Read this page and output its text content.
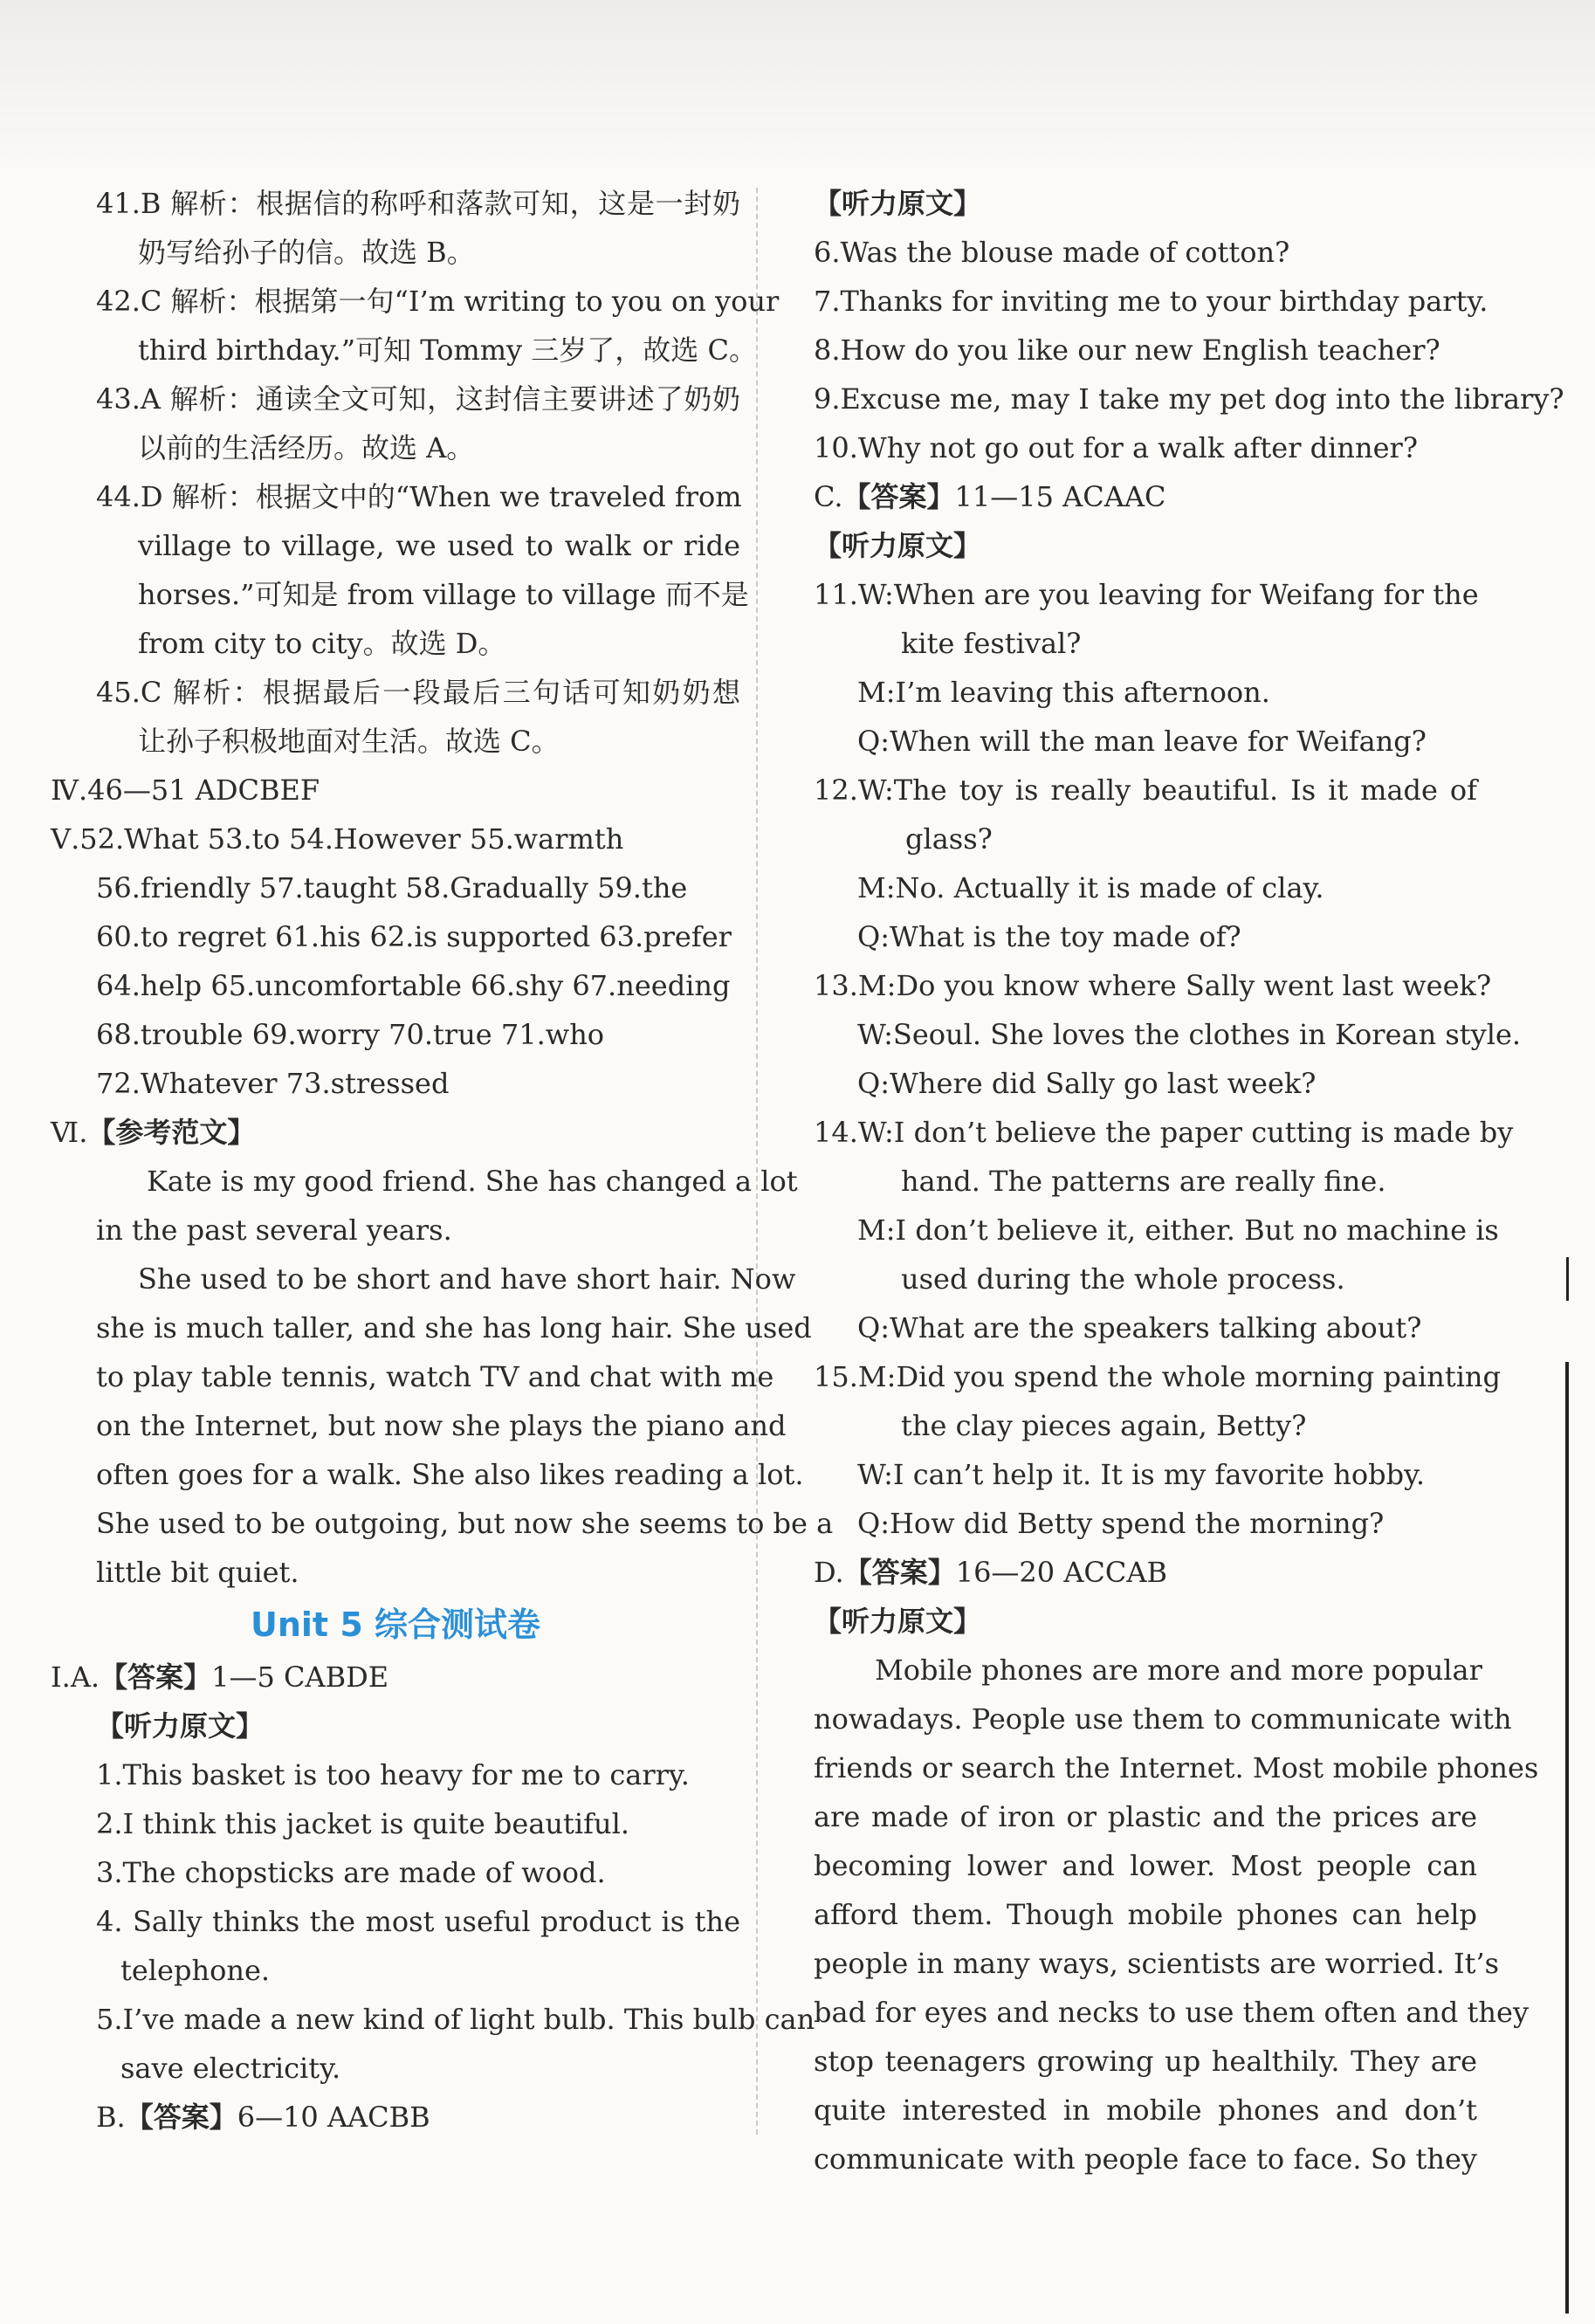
41.B 解析：根据信的称呼和落款可知，这是一封奶
奶写给孙子的信。故选 B。
42.C 解析：根据第一句“I’m writing to you on your
third birthday.”可知 Tommy 三岁了，故选 C。
43.A 解析：通读全文可知，这封信主要讲述了奶奶
以前的生活经历。故选 A。
44.D 解析：根据文中的“When we traveled from
village to village, we used to walk or ride
horses.”可知是 from village to village 而不是
from city to city。故选 D。
45.C 解析：根据最后一段最后三句话可知奶奶想
让孙子积极地面对生活。故选 C。
Ⅳ.46—51 ADCBEF
Ⅴ.52.What 53.to 54.However 55.warmth
56.friendly 57.taught 58.Gradually 59.the
60.to regret 61.his 62.is supported 63.prefer
64.help 65.uncomfortable 66.shy 67.needing
68.trouble 69.worry 70.true 71.who
72.Whatever 73.stressed
Ⅵ.【参考范文】
Kate is my good friend. She has changed a lot
in the past several years.
She used to be short and have short hair. Now
she is much taller, and she has long hair. She used
to play table tennis, watch TV and chat with me
on the Internet, but now she plays the piano and
often goes for a walk. She also likes reading a lot.
She used to be outgoing, but now she seems to be a
little bit quiet.
Unit 5 综合测试卷
Ⅰ.A.【答案】1—5 CABDE
【听力原文】
1.This basket is too heavy for me to carry.
2.I think this jacket is quite beautiful.
3.The chopsticks are made of wood.
4. Sally thinks the most useful product is the
telephone.
5.I’ve made a new kind of light bulb. This bulb can
save electricity.
B.【答案】6—10 AACBB
【听力原文】
6.Was the blouse made of cotton?
7.Thanks for inviting me to your birthday party.
8.How do you like our new English teacher?
9.Excuse me, may I take my pet dog into the library?
10.Why not go out for a walk after dinner?
C.【答案】11—15 ACAAC
【听力原文】
11.W:When are you leaving for Weifang for the
kite festival?
M:I’m leaving this afternoon.
Q:When will the man leave for Weifang?
12.W:The toy is really beautiful. Is it made of
glass?
M:No. Actually it is made of clay.
Q:What is the toy made of?
13.M:Do you know where Sally went last week?
W:Seoul. She loves the clothes in Korean style.
Q:Where did Sally go last week?
14.W:I don’t believe the paper cutting is made by
hand. The patterns are really fine.
M:I don’t believe it, either. But no machine is
used during the whole process.
Q:What are the speakers talking about?
15.M:Did you spend the whole morning painting
the clay pieces again, Betty?
W:I can’t help it. It is my favorite hobby.
Q:How did Betty spend the morning?
D.【答案】16—20 ACCAB
【听力原文】
Mobile phones are more and more popular
nowadays. People use them to communicate with
friends or search the Internet. Most mobile phones
are made of iron or plastic and the prices are
becoming lower and lower. Most people can
afford them. Though mobile phones can help
people in many ways, scientists are worried. It’s
bad for eyes and necks to use them often and they
stop teenagers growing up healthily. They are
quite interested in mobile phones and don’t
communicate with people face to face. So they
